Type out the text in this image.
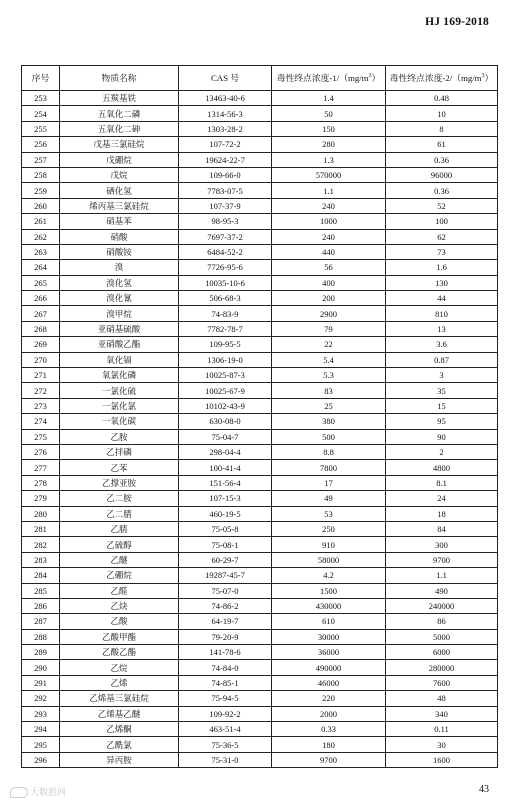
HJ 169-2018
序号	物质名称	CAS 号	毒性终点浓度$-1/(mg/m^3)$	毒性终点浓度$-2/(mg/m^3)$
253	五羰基铁	13463-40-6	1.4	0.48
254	五氧化二磷	1314-56-3	50	10
255	五氧化二砷	1303-28-2	150	8
256	戊基三氯硅烷	107-72-2	280	61
257	戊硼烷	19624-22-7	1.3	0.36
258	戊烷	109-66-0	570000	96000
259	硒化氢	7783-07-5	1.1	0.36
260	烯丙基三氯硅烷	107-37-9	240	52
261	硝基苯	98-95-3	1000	100
262	硝酸	7697-37-2	240	62
263	硝酸铵	6484-52-2	440	73
264	溴	7726-95-6	56	1.6
265	溴化氢	10035-10-6	400	130
266	溴化氰	506-68-3	200	44
267	溴甲烷	74-83-9	2900	810
268	亚硝基硫酸	7782-78-7	79	13
269	亚硝酸乙酯	109-95-5	22	3.6
270	氧化镉	1306-19-0	5.4	0.87
271	氧氯化磷	10025-87-3	5.3	3
272	一氯化硫	10025-67-9	83	35
273	一氯化氯	10102-43-9	25	15
274	一氧化碳	630-08-0	380	95
275	乙胺	75-04-7	500	90
276	乙拌磷	298-04-4	8.8	2
277	乙苯	100-41-4	7800	4800
278	乙撑亚胺	151-56-4	17	8.1
279	乙二胺	107-15-3	49	24
280	乙二腈	460-19-5	53	18
281	乙腈	75-05-8	250	84
282	乙硫醇	75-08-1	910	300
283	乙醚	60-29-7	58000	9700
284	乙硼烷	19287-45-7	4.2	1.1
285	乙醛	75-07-0	1500	490
286	乙炔	74-86-2	430000	240000
287	乙酸	64-19-7	610	86
288	乙酸甲酯	79-20-9	30000	5000
289	乙酸乙酯	141-78-6	36000	6000
290	乙烷	74-84-0	490000	280000
291	乙烯	74-85-1	46000	7600
292	乙烯基三氯硅烷	75-94-5	220	48
293	乙烯基乙醚	109-92-2	2000	340
294	乙烯酮	463-51-4	0.33	0.11
295	乙酰氯	75-36-5	180	30
296	异丙胺	75-31-0	9700	1600
大数据网	43
